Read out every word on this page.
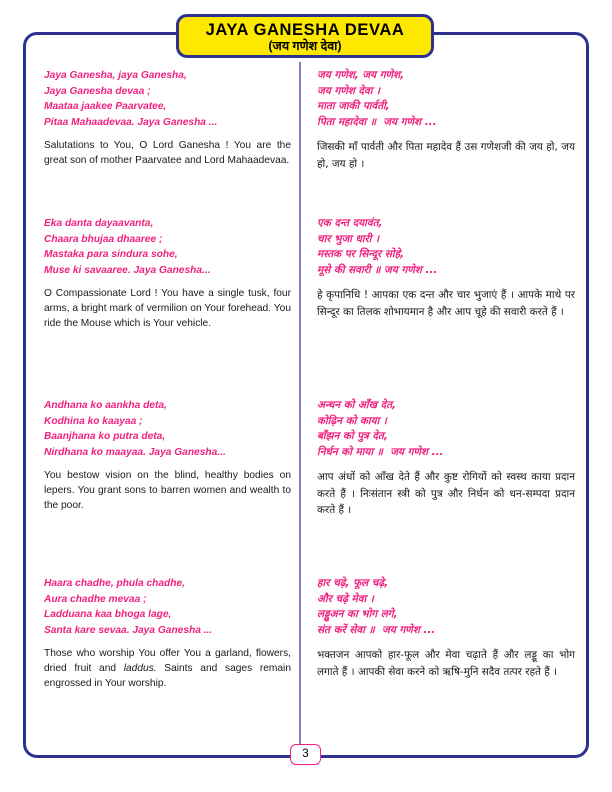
JAYA GANESHA DEVAA
(जय गणेश देवा)
Jaya Ganesha, jaya Ganesha,
Jaya Ganesha devaa ;
Maataa jaakee Paarvatee,
Pitaa Mahaadevaa. Jaya Ganesha ...

Salutations to You, O Lord Ganesha ! You are the great son of mother Paarvatee and Lord Mahaadevaa.

Eka danta dayaavanta,
Chaara bhujaa dhaaree ;
Mastaka para sindura sohe,
Muse ki savaaree. Jaya Ganesha...

O Compassionate Lord ! You have a single tusk, four arms, a bright mark of vermilion on Your forehead. You ride the Mouse which is Your vehicle.

Andhana ko aankha deta,
Kodhina ko kaayaa ;
Baanjhana ko putra deta,
Nirdhana ko maayaa. Jaya Ganesha...

You bestow vision on the blind, healthy bodies on lepers. You grant sons to barren women and wealth to the poor.

Haara chadhe, phula chadhe,
Aura chadhe mevaa ;
Ladduana kaa bhoga lage,
Santa kare sevaa. Jaya Ganesha ...

Those who worship You offer You a garland, flowers, dried fruit and laddus. Saints and sages remain engrossed in Your worship.

जय गणेश, जय गणेश,
जय गणेश देवा ।
माता जाकी पार्वती,
पिता महादेवा ॥  जय गणेश ...

जिसकी माँ पार्वती और पिता महादेव हैं उस गणेशजी की जय हो, जय हो, जय हो ।

एक दन्त दयावंत,
चार भुजा धारी ।
मस्तक पर सिन्दूर सोहे,
मूसे की सवारी ॥ जय गणेश ...

हे कृपानिधि ! आपका एक दन्त और चार भुजाएं हैं । आपके माथे पर सिन्दूर का तिलक शोभायमान है और आप चूहे की सवारी करते हैं ।

अन्धन को आँख देत,
कोढ़िन को काया ।
बाँझन को पुत्र देत,
निर्धन को माया ॥  जय गणेश ...

आप अंधों को आँख देते हैं और कुष्ट रोगियों को स्वस्थ काया प्रदान करते हैं । निःसंतान स्त्री को पुत्र और निर्धन को धन-सम्पदा प्रदान करते हैं ।

हार चढ़े, फूल चढ़े,
और चढ़े मेवा ।
लड्डुअन का भोग लगे,
संत करें सेवा ॥  जय गणेश ...

भक्तजन आपको हार-फूल और मेवा चढ़ाते हैं और लड्डू का भोग लगाते हैं । आपकी सेवा करने को ऋषि-मुनि सदैव तत्पर रहते हैं ।

3
